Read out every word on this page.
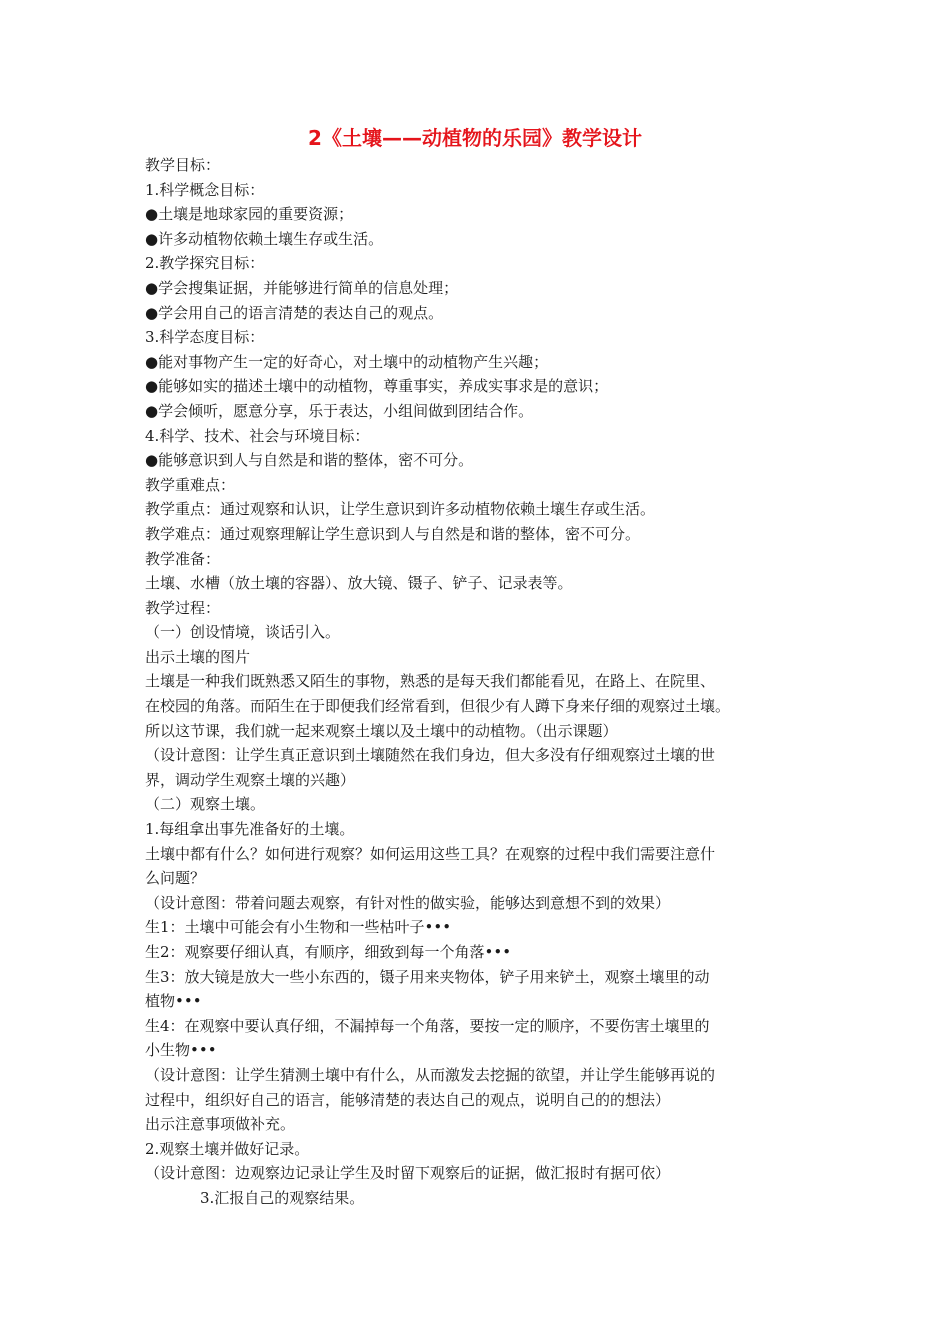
2《土壤——动植物的乐园》教学设计
教学目标：
1.科学概念目标：
●土壤是地球家园的重要资源；
●许多动植物依赖土壤生存或生活。
2.教学探究目标：
●学会搜集证据，并能够进行简单的信息处理；
●学会用自己的语言清楚的表达自己的观点。
3.科学态度目标：
●能对事物产生一定的好奇心，对土壤中的动植物产生兴趣；
●能够如实的描述土壤中的动植物，尊重事实，养成实事求是的意识；
●学会倾听，愿意分享，乐于表达，小组间做到团结合作。
4.科学、技术、社会与环境目标：
●能够意识到人与自然是和谐的整体，密不可分。
教学重难点：
教学重点：通过观察和认识，让学生意识到许多动植物依赖土壤生存或生活。
教学难点：通过观察理解让学生意识到人与自然是和谐的整体，密不可分。
教学准备：
土壤、水槽（放土壤的容器）、放大镜、镊子、铲子、记录表等。
教学过程：
（一）创设情境，谈话引入。
出示土壤的图片
土壤是一种我们既熟悉又陌生的事物，熟悉的是每天我们都能看见，在路上、在院里、
在校园的角落。而陌生在于即便我们经常看到，但很少有人蹲下身来仔细的观察过土壤。
所以这节课，我们就一起来观察土壤以及土壤中的动植物。（出示课题）
（设计意图：让学生真正意识到土壤随然在我们身边，但大多没有仔细观察过土壤的世
界，调动学生观察土壤的兴趣）
（二）观察土壤。
1.每组拿出事先准备好的土壤。
土壤中都有什么？如何进行观察？如何运用这些工具？在观察的过程中我们需要注意什
么问题？
（设计意图：带着问题去观察，有针对性的做实验，能够达到意想不到的效果）
生1：土壤中可能会有小生物和一些枯叶子•••
生2：观察要仔细认真，有顺序，细致到每一个角落•••
生3：放大镜是放大一些小东西的，镊子用来夹物体，铲子用来铲土，观察土壤里的动
植物•••
生4：在观察中要认真仔细，不漏掉每一个角落，要按一定的顺序，不要伤害土壤里的
小生物•••
（设计意图：让学生猜测土壤中有什么，从而激发去挖掘的欲望，并让学生能够再说的
过程中，组织好自己的语言，能够清楚的表达自己的观点，说明自己的的想法）
出示注意事项做补充。
2.观察土壤并做好记录。
（设计意图：边观察边记录让学生及时留下观察后的证据，做汇报时有据可依）
3.汇报自己的观察结果。
